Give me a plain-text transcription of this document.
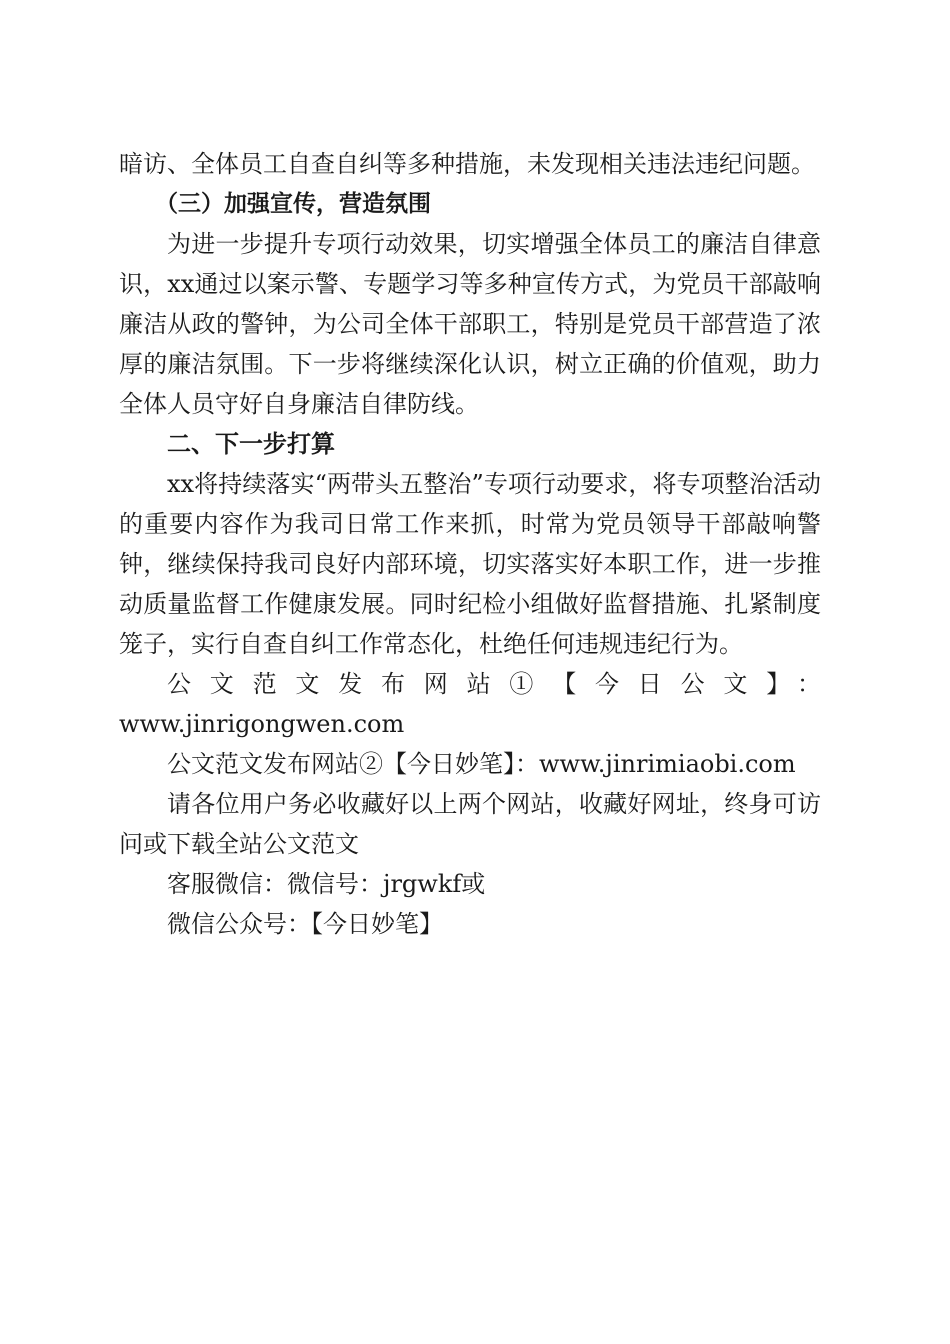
暗访、全体员工自查自纠等多种措施，未发现相关违法违纪问题。

（三）加强宣传，营造氛围

为进一步提升专项行动效果，切实增强全体员工的廉洁自律意识，xx通过以案示警、专题学习等多种宣传方式，为党员干部敲响廉洁从政的警钟，为公司全体干部职工，特别是党员干部营造了浓厚的廉洁氛围。下一步将继续深化认识，树立正确的价值观，助力全体人员守好自身廉洁自律防线。

二、下一步打算

xx将持续落实“两带头五整治”专项行动要求，将专项整治活动的重要内容作为我司日常工作来抓，时常为党员领导干部敲响警钟，继续保持我司良好内部环境，切实落实好本职工作，进一步推动质量监督工作健康发展。同时纪检小组做好监督措施、扎紧制度笼子，实行自查自纠工作常态化，杜绝任何违规违纪行为。

公文范文发布网站①【今日公文】：

www.jinrigongwen.com

公文范文发布网站②【今日妙笔】：www.jinrimiaobi.com

请各位用户务必收藏好以上两个网站，收藏好网址，终身可访问或下载全站公文范文

客服微信：微信号：jrgwkf或

微信公众号：【今日妙笔】
